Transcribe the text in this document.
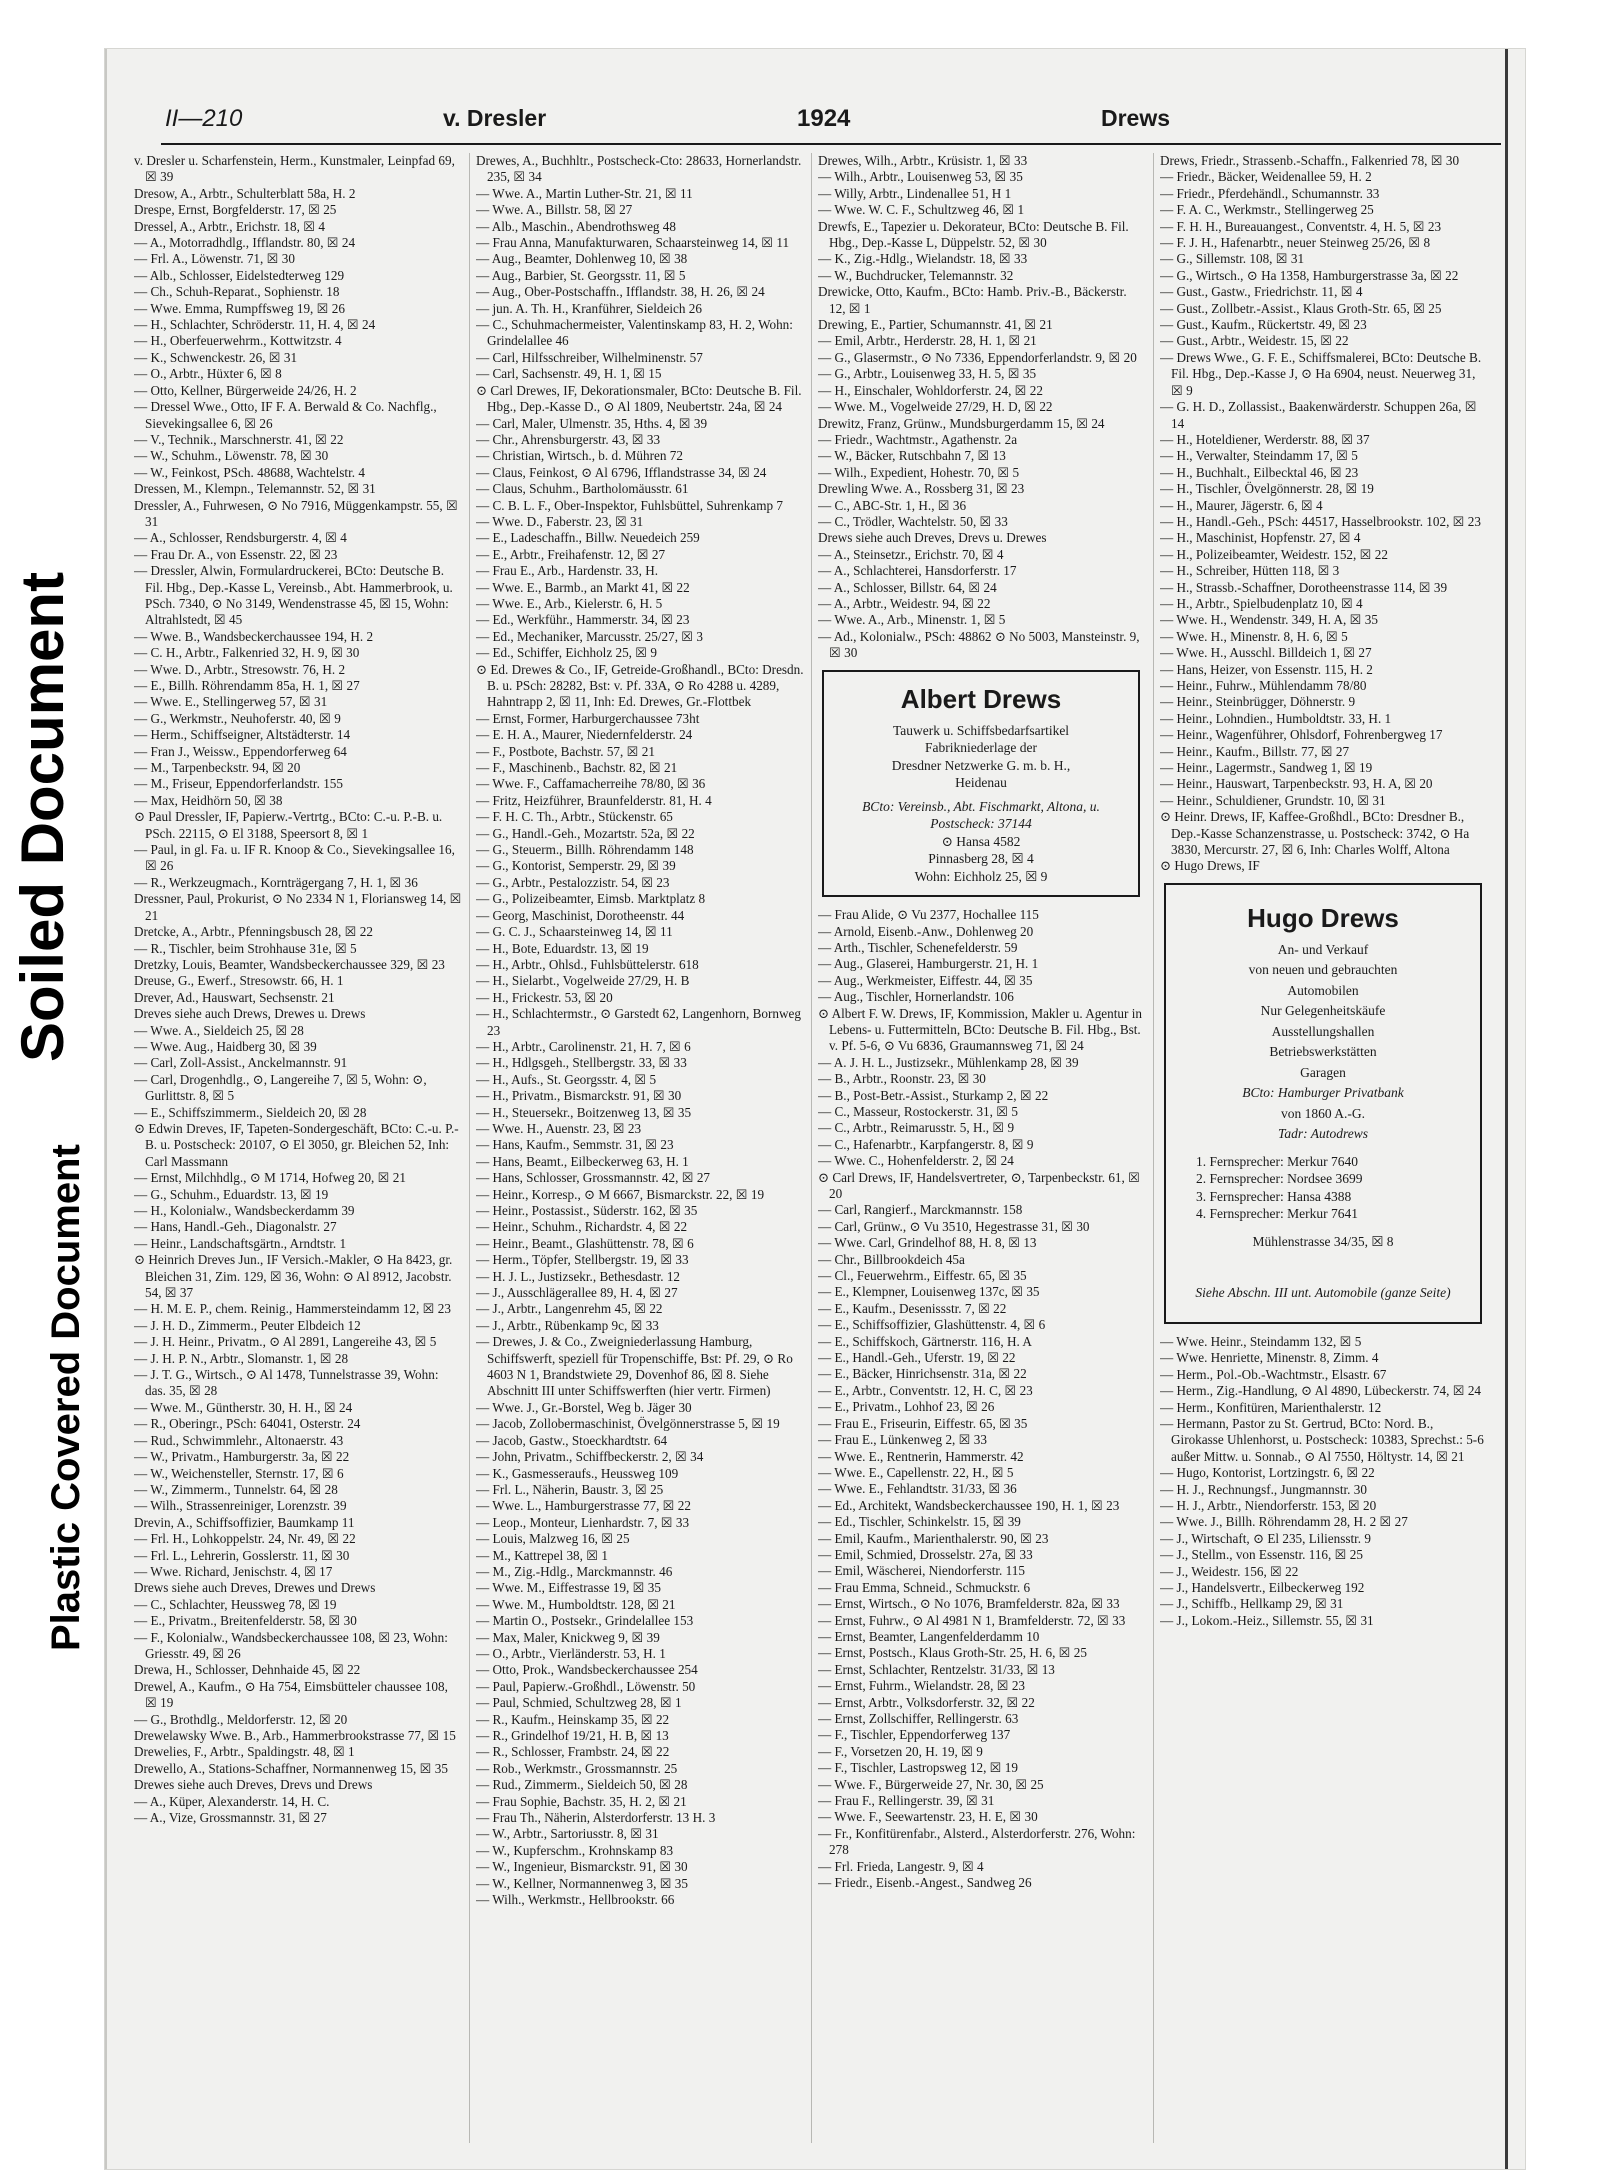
Soiled Document
Plastic Covered Document
II—210	v. Dresler	1924	Drews

v. Dresler u. Scharfenstein, Herm., Kunstmaler, Leinpfad 69, ☒ 39

Dresow, A., Arbtr., Schulterblatt 58a, H. 2

Drespe, Ernst, Borgfelderstr. 17, ☒ 25

Dressel, A., Arbtr., Erichstr. 18, ☒ 4

— A., Motorradhdlg., Ifflandstr. 80, ☒ 24

— Frl. A., Löwenstr. 71, ☒ 30

— Alb., Schlosser, Eidelstedterweg 129

— Ch., Schuh-Reparat., Sophienstr. 18

— Wwe. Emma, Rumpffsweg 19, ☒ 26

— H., Schlachter, Schröderstr. 11, H. 4, ☒ 24

— H., Oberfeuerwehrm., Kottwitzstr. 4

— K., Schwenckestr. 26, ☒ 31

— O., Arbtr., Hüxter 6, ☒ 8

— Otto, Kellner, Bürgerweide 24/26, H. 2

— Dressel Wwe., Otto, IF F. A. Berwald & Co. Nachflg., Sievekingsallee 6, ☒ 26

— V., Technik., Marschnerstr. 41, ☒ 22

— W., Schuhm., Löwenstr. 78, ☒ 30

— W., Feinkost, PSch. 48688, Wachtelstr. 4

Dressen, M., Klempn., Telemannstr. 52, ☒ 31

Dressler, A., Fuhrwesen, ⊙ No 7916, Müggenkampstr. 55, ☒ 31

— A., Schlosser, Rendsburgerstr. 4, ☒ 4

— Frau Dr. A., von Essenstr. 22, ☒ 23

— Dressler, Alwin, Formulardruckerei, BCto: Deutsche B. Fil. Hbg., Dep.-Kasse L, Vereinsb., Abt. Hammerbrook, u. PSch. 7340, ⊙ No 3149, Wendenstrasse 45, ☒ 15, Wohn: Altrahlstedt, ☒ 45

— Wwe. B., Wandsbeckerchaussee 194, H. 2

— C. H., Arbtr., Falkenried 32, H. 9, ☒ 30

— Wwe. D., Arbtr., Stresowstr. 76, H. 2

— E., Billh. Röhrendamm 85a, H. 1, ☒ 27

— Wwe. E., Stellingerweg 57, ☒ 31

— G., Werkmstr., Neuhoferstr. 40, ☒ 9

— Herm., Schiffseigner, Altstädterstr. 14

— Fran J., Weissw., Eppendorferweg 64

— M., Tarpenbeckstr. 94, ☒ 20

— M., Friseur, Eppendorferlandstr. 155

— Max, Heidhörn 50, ☒ 38

⊙ Paul Dressler, IF, Papierw.-Vertrtg., BCto: C.-u. P.-B. u. PSch. 22115, ⊙ El 3188, Speersort 8, ☒ 1

— Paul, in gl. Fa. u. IF R. Knoop & Co., Sievekingsallee 16, ☒ 26

— R., Werkzeugmach., Kornträgergang 7, H. 1, ☒ 36

Dressner, Paul, Prokurist, ⊙ No 2334 N 1, Floriansweg 14, ☒ 21

Dretcke, A., Arbtr., Pfenningsbusch 28, ☒ 22

— R., Tischler, beim Strohhause 31e, ☒ 5

Dretzky, Louis, Beamter, Wandsbeckerchaussee 329, ☒ 23

Dreuse, G., Ewerf., Stresowstr. 66, H. 1

Drever, Ad., Hauswart, Sechsenstr. 21

Dreves siehe auch Drews, Drewes u. Drews

— Wwe. A., Sieldeich 25, ☒ 28

— Wwe. Aug., Haidberg 30, ☒ 39

— Carl, Zoll-Assist., Anckelmannstr. 91

— Carl, Drogenhdlg., ⊙, Langereihe 7, ☒ 5, Wohn: ⊙, Gurlittstr. 8, ☒ 5

— E., Schiffszimmerm., Sieldeich 20, ☒ 28

⊙ Edwin Dreves, IF, Tapeten-Sondergeschäft, BCto: C.-u. P.-B. u. Postscheck: 20107, ⊙ El 3050, gr. Bleichen 52, Inh: Carl Massmann

— Ernst, Milchhdlg., ⊙ M 1714, Hofweg 20, ☒ 21

— G., Schuhm., Eduardstr. 13, ☒ 19

— H., Kolonialw., Wandsbeckerdamm 39

— Hans, Handl.-Geh., Diagonalstr. 27

— Heinr., Landschaftsgärtn., Arndtstr. 1

⊙ Heinrich Dreves Jun., IF Versich.-Makler, ⊙ Ha 8423, gr. Bleichen 31, Zim. 129, ☒ 36, Wohn: ⊙ Al 8912, Jacobstr. 54, ☒ 37

— H. M. E. P., chem. Reinig., Hammersteindamm 12, ☒ 23

— J. H. D., Zimmerm., Peuter Elbdeich 12

— J. H. Heinr., Privatm., ⊙ Al 2891, Langereihe 43, ☒ 5

— J. H. P. N., Arbtr., Slomanstr. 1, ☒ 28

— J. T. G., Wirtsch., ⊙ Al 1478, Tunnelstrasse 39, Wohn: das. 35, ☒ 28

— Wwe. M., Güntherstr. 30, H. H., ☒ 24

— R., Oberingr., PSch: 64041, Osterstr. 24

— Rud., Schwimmlehr., Altonaerstr. 43

— W., Privatm., Hamburgerstr. 3a, ☒ 22

— W., Weichensteller, Sternstr. 17, ☒ 6

— W., Zimmerm., Tunnelstr. 64, ☒ 28

— Wilh., Strassenreiniger, Lorenzstr. 39

Drevin, A., Schiffsoffizier, Baumkamp 11

— Frl. H., Lohkoppelstr. 24, Nr. 49, ☒ 22

— Frl. L., Lehrerin, Gosslerstr. 11, ☒ 30

— Wwe. Richard, Jenischstr. 4, ☒ 17

Drews siehe auch Dreves, Drewes und Drews

— C., Schlachter, Heussweg 78, ☒ 19

— E., Privatm., Breitenfelderstr. 58, ☒ 30

— F., Kolonialw., Wandsbeckerchaussee 108, ☒ 23, Wohn: Griesstr. 49, ☒ 26

Drewa, H., Schlosser, Dehnhaide 45, ☒ 22

Drewel, A., Kaufm., ⊙ Ha 754, Eimsbütteler chaussee 108, ☒ 19

— G., Brothdlg., Meldorferstr. 12, ☒ 20

Drewelawsky Wwe. B., Arb., Hammerbrookstrasse 77, ☒ 15

Drewelies, F., Arbtr., Spaldingstr. 48, ☒ 1

Drewello, A., Stations-Schaffner, Normannenweg 15, ☒ 35

Drewes siehe auch Dreves, Drevs und Drews

— A., Küper, Alexanderstr. 14, H. C.

— A., Vize, Grossmannstr. 31, ☒ 27

Drewes, A., Buchhltr., Postscheck-Cto: 28633, Hornerlandstr. 235, ☒ 34

— Wwe. A., Martin Luther-Str. 21, ☒ 11

— Wwe. A., Billstr. 58, ☒ 27

— Alb., Maschin., Abendrothsweg 48

— Frau Anna, Manufakturwaren, Schaarsteinweg 14, ☒ 11

— Aug., Beamter, Dohlenweg 10, ☒ 38

— Aug., Barbier, St. Georgsstr. 11, ☒ 5

— Aug., Ober-Postschaffn., Ifflandstr. 38, H. 26, ☒ 24

— jun. A. Th. H., Kranführer, Sieldeich 26

— C., Schuhmachermeister, Valentinskamp 83, H. 2, Wohn: Grindelallee 46

— Carl, Hilfsschreiber, Wilhelminenstr. 57

— Carl, Sachsenstr. 49, H. 1, ☒ 15

⊙ Carl Drewes, IF, Dekorationsmaler, BCto: Deutsche B. Fil. Hbg., Dep.-Kasse D., ⊙ Al 1809, Neubertstr. 24a, ☒ 24

— Carl, Maler, Ulmenstr. 35, Hths. 4, ☒ 39

— Chr., Ahrensburgerstr. 43, ☒ 33

— Christian, Wirtsch., b. d. Mühren 72

— Claus, Feinkost, ⊙ Al 6796, Ifflandstrasse 34, ☒ 24

— Claus, Schuhm., Bartholomäusstr. 61

— C. B. L. F., Ober-Inspektor, Fuhlsbüttel, Suhrenkamp 7

— Wwe. D., Faberstr. 23, ☒ 31

— E., Ladeschaffn., Billw. Neuedeich 259

— E., Arbtr., Freihafenstr. 12, ☒ 27

— Frau E., Arb., Hardenstr. 33, H.

— Wwe. E., Barmb., an Markt 41, ☒ 22

— Wwe. E., Arb., Kielerstr. 6, H. 5

— Ed., Werkführ., Hammerstr. 34, ☒ 23

— Ed., Mechaniker, Marcusstr. 25/27, ☒ 3

— Ed., Schiffer, Eichholz 25, ☒ 9

⊙ Ed. Drewes & Co., IF, Getreide-Großhandl., BCto: Dresdn. B. u. PSch: 28282, Bst: v. Pf. 33A, ⊙ Ro 4288 u. 4289, Hahntrapp 2, ☒ 11, Inh: Ed. Drewes, Gr.-Flottbek

— Ernst, Former, Harburgerchaussee 73ht

— E. H. A., Maurer, Niedernfelderstr. 24

— F., Postbote, Bachstr. 57, ☒ 21

— F., Maschinenb., Bachstr. 82, ☒ 21

— Wwe. F., Caffamacherreihe 78/80, ☒ 36

— Fritz, Heizführer, Braunfelderstr. 81, H. 4

— F. H. C. Th., Arbtr., Stückenstr. 65

— G., Handl.-Geh., Mozartstr. 52a, ☒ 22

— G., Steuerm., Billh. Röhrendamm 148

— G., Kontorist, Semperstr. 29, ☒ 39

— G., Arbtr., Pestalozzistr. 54, ☒ 23

— G., Polizeibeamter, Eimsb. Marktplatz 8

— Georg, Maschinist, Dorotheenstr. 44

— G. C. J., Schaarsteinweg 14, ☒ 11

— H., Bote, Eduardstr. 13, ☒ 19

— H., Arbtr., Ohlsd., Fuhlsbüttelerstr. 618

— H., Sielarbt., Vogelweide 27/29, H. B

— H., Frickestr. 53, ☒ 20

— H., Schlachtermstr., ⊙ Garstedt 62, Langenhorn, Bornweg 23

— H., Arbtr., Carolinenstr. 21, H. 7, ☒ 6

— H., Hdlgsgeh., Stellbergstr. 33, ☒ 33

— H., Aufs., St. Georgsstr. 4, ☒ 5

— H., Privatm., Bismarckstr. 91, ☒ 30

— H., Steuersekr., Boitzenweg 13, ☒ 35

— Wwe. H., Auenstr. 23, ☒ 23

— Hans, Kaufm., Semmstr. 31, ☒ 23

— Hans, Beamt., Eilbeckerweg 63, H. 1

— Hans, Schlosser, Grossmannstr. 42, ☒ 27

— Heinr., Korresp., ⊙ M 6667, Bismarckstr. 22, ☒ 19

— Heinr., Postassist., Süderstr. 162, ☒ 35

— Heinr., Schuhm., Richardstr. 4, ☒ 22

— Heinr., Beamt., Glashüttenstr. 78, ☒ 6

— Herm., Töpfer, Stellbergstr. 19, ☒ 33

— H. J. L., Justizsekr., Bethesdastr. 12

— J., Ausschlägerallee 89, H. 4, ☒ 27

— J., Arbtr., Langenrehm 45, ☒ 22

— J., Arbtr., Rübenkamp 9c, ☒ 33

— Drewes, J. & Co., Zweigniederlassung Hamburg, Schiffswerft, speziell für Tropenschiffe, Bst: Pf. 29, ⊙ Ro 4603 N 1, Brandstwiete 29, Dovenhof 86, ☒ 8. Siehe Abschnitt III unter Schiffswerften (hier vertr. Firmen)

— Wwe. J., Gr.-Borstel, Weg b. Jäger 30

— Jacob, Zollobermaschinist, Övelgönnerstrasse 5, ☒ 19

— Jacob, Gastw., Stoeckhardtstr. 64

— John, Privatm., Schiffbeckerstr. 2, ☒ 34

— K., Gasmesseraufs., Heussweg 109

— Frl. L., Näherin, Baustr. 3, ☒ 25

— Wwe. L., Hamburgerstrasse 77, ☒ 22

— Leop., Monteur, Lienhardstr. 7, ☒ 33

— Louis, Malzweg 16, ☒ 25

— M., Kattrepel 38, ☒ 1

— M., Zig.-Hdlg., Marckmannstr. 46

— Wwe. M., Eiffestrasse 19, ☒ 35

— Wwe. M., Humboldtstr. 128, ☒ 21

— Martin O., Postsekr., Grindelallee 153

— Max, Maler, Knickweg 9, ☒ 39

— O., Arbtr., Vierländerstr. 53, H. 1

— Otto, Prok., Wandsbeckerchaussee 254

— Paul, Papierw.-Großhdl., Löwenstr. 50

— Paul, Schmied, Schultzweg 28, ☒ 1

— R., Kaufm., Heinskamp 35, ☒ 22

— R., Grindelhof 19/21, H. B, ☒ 13

— R., Schlosser, Frambstr. 24, ☒ 22

— Rob., Werkmstr., Grossmannstr. 25

— Rud., Zimmerm., Sieldeich 50, ☒ 28

— Frau Sophie, Bachstr. 35, H. 2, ☒ 21

— Frau Th., Näherin, Alsterdorferstr. 13 H. 3

— W., Arbtr., Sartoriusstr. 8, ☒ 31

— W., Kupferschm., Krohnskamp 83

— W., Ingenieur, Bismarckstr. 91, ☒ 30

— W., Kellner, Normannenweg 3, ☒ 35

— Wilh., Werkmstr., Hellbrookstr. 66

Drewes, Wilh., Arbtr., Krüsistr. 1, ☒ 33

— Wilh., Arbtr., Louisenweg 53, ☒ 35

— Willy, Arbtr., Lindenallee 51, H 1

— Wwe. W. C. F., Schultzweg 46, ☒ 1

Drewfs, E., Tapezier u. Dekorateur, BCto: Deutsche B. Fil. Hbg., Dep.-Kasse L, Düppelstr. 52, ☒ 30

— K., Zig.-Hdlg., Wielandstr. 18, ☒ 33

— W., Buchdrucker, Telemannstr. 32

Drewicke, Otto, Kaufm., BCto: Hamb. Priv.-B., Bäckerstr. 12, ☒ 1

Drewing, E., Partier, Schumannstr. 41, ☒ 21

— Emil, Arbtr., Herderstr. 28, H. 1, ☒ 21

— G., Glasermstr., ⊙ No 7336, Eppendorferlandstr. 9, ☒ 20

— G., Arbtr., Louisenweg 33, H. 5, ☒ 35

— H., Einschaler, Wohldorferstr. 24, ☒ 22

— Wwe. M., Vogelweide 27/29, H. D, ☒ 22

Drewitz, Franz, Grünw., Mundsburgerdamm 15, ☒ 24

— Friedr., Wachtmstr., Agathenstr. 2a

— W., Bäcker, Rutschbahn 7, ☒ 13

— Wilh., Expedient, Hohestr. 70, ☒ 5

Drewling Wwe. A., Rossberg 31, ☒ 23

— C., ABC-Str. 1, H., ☒ 36

— C., Trödler, Wachtelstr. 50, ☒ 33

Drews siehe auch Dreves, Drevs u. Drewes

— A., Steinsetzr., Erichstr. 70, ☒ 4

— A., Schlachterei, Hansdorferstr. 17

— A., Schlosser, Billstr. 64, ☒ 24

— A., Arbtr., Weidestr. 94, ☒ 22

— Wwe. A., Arb., Minenstr. 1, ☒ 5

— Ad., Kolonialw., PSch: 48862 ⊙ No 5003, Mansteinstr. 9, ☒ 30

Albert Drews
Tauwerk u. Schiffsbedarfsartikel
Fabrikniederlage der
Dresdner Netzwerke G. m. b. H.,
Heidenau
BCto: Vereinsb., Abt. Fischmarkt, Altona, u. Postscheck: 37144
⊙ Hansa 4582
Pinnasberg 28, ☒ 4
Wohn: Eichholz 25, ☒ 9

— Frau Alide, ⊙ Vu 2377, Hochallee 115

— Arnold, Eisenb.-Anw., Dohlenweg 20

— Arth., Tischler, Schenefelderstr. 59

— Aug., Glaserei, Hamburgerstr. 21, H. 1

— Aug., Werkmeister, Eiffestr. 44, ☒ 35

— Aug., Tischler, Hornerlandstr. 106

⊙ Albert F. W. Drews, IF, Kommission, Makler u. Agentur in Lebens- u. Futtermitteln, BCto: Deutsche B. Fil. Hbg., Bst. v. Pf. 5-6, ⊙ Vu 6836, Graumannsweg 71, ☒ 24

— A. J. H. L., Justizsekr., Mühlenkamp 28, ☒ 39

— B., Arbtr., Roonstr. 23, ☒ 30

— B., Post-Betr.-Assist., Sturkamp 2, ☒ 22

— C., Masseur, Rostockerstr. 31, ☒ 5

— C., Arbtr., Reimarusstr. 5, H., ☒ 9

— C., Hafenarbtr., Karpfangerstr. 8, ☒ 9

— Wwe. C., Hohenfelderstr. 2, ☒ 24

⊙ Carl Drews, IF, Handelsvertreter, ⊙, Tarpenbeckstr. 61, ☒ 20

— Carl, Rangierf., Marckmannstr. 158

— Carl, Grünw., ⊙ Vu 3510, Hegestrasse 31, ☒ 30

— Wwe. Carl, Grindelhof 88, H. 8, ☒ 13

— Chr., Billbrookdeich 45a

— Cl., Feuerwehrm., Eiffestr. 65, ☒ 35

— E., Klempner, Louisenweg 137c, ☒ 35

— E., Kaufm., Desenissstr. 7, ☒ 22

— E., Schiffsoffizier, Glashüttenstr. 4, ☒ 6

— E., Schiffskoch, Gärtnerstr. 116, H. A

— E., Handl.-Geh., Uferstr. 19, ☒ 22

— E., Bäcker, Hinrichsenstr. 31a, ☒ 22

— E., Arbtr., Conventstr. 12, H. C, ☒ 23

— E., Privatm., Lohhof 23, ☒ 26

— Frau E., Friseurin, Eiffestr. 65, ☒ 35

— Frau E., Lünkenweg 2, ☒ 33

— Wwe. E., Rentnerin, Hammerstr. 42

— Wwe. E., Capellenstr. 22, H., ☒ 5

— Wwe. E., Fehlandtstr. 31/33, ☒ 36

— Ed., Architekt, Wandsbeckerchaussee 190, H. 1, ☒ 23

— Ed., Tischler, Schinkelstr. 15, ☒ 39

— Emil, Kaufm., Marienthalerstr. 90, ☒ 23

— Emil, Schmied, Drosselstr. 27a, ☒ 33

— Emil, Wäscherei, Niendorferstr. 115

— Frau Emma, Schneid., Schmuckstr. 6

— Ernst, Wirtsch., ⊙ No 1076, Bramfelderstr. 82a, ☒ 33

— Ernst, Fuhrw., ⊙ Al 4981 N 1, Bramfelderstr. 72, ☒ 33

— Ernst, Beamter, Langenfelderdamm 10

— Ernst, Postsch., Klaus Groth-Str. 25, H. 6, ☒ 25

— Ernst, Schlachter, Rentzelstr. 31/33, ☒ 13

— Ernst, Fuhrm., Wielandstr. 28, ☒ 23

— Ernst, Arbtr., Volksdorferstr. 32, ☒ 22

— Ernst, Zollschiffer, Rellingerstr. 63

— F., Tischler, Eppendorferweg 137

— F., Vorsetzen 20, H. 19, ☒ 9

— F., Tischler, Lastropsweg 12, ☒ 19

— Wwe. F., Bürgerweide 27, Nr. 30, ☒ 25

— Frau F., Rellingerstr. 39, ☒ 31

— Wwe. F., Seewartenstr. 23, H. E, ☒ 30

— Fr., Konfitürenfabr., Alsterd., Alsterdorferstr. 276, Wohn: 278

— Frl. Frieda, Langestr. 9, ☒ 4

— Friedr., Eisenb.-Angest., Sandweg 26

Drews, Friedr., Strassenb.-Schaffn., Falkenried 78, ☒ 30

— Friedr., Bäcker, Weidenallee 59, H. 2

— Friedr., Pferdehändl., Schumannstr. 33

— F. A. C., Werkmstr., Stellingerweg 25

— F. H. H., Bureauangest., Conventstr. 4, H. 5, ☒ 23

— F. J. H., Hafenarbtr., neuer Steinweg 25/26, ☒ 8

— G., Sillemstr. 108, ☒ 31

— G., Wirtsch., ⊙ Ha 1358, Hamburgerstrasse 3a, ☒ 22

— Gust., Gastw., Friedrichstr. 11, ☒ 4

— Gust., Zollbetr.-Assist., Klaus Groth-Str. 65, ☒ 25

— Gust., Kaufm., Rückertstr. 49, ☒ 23

— Gust., Arbtr., Weidestr. 15, ☒ 22

— Drews Wwe., G. F. E., Schiffsmalerei, BCto: Deutsche B. Fil. Hbg., Dep.-Kasse J, ⊙ Ha 6904, neust. Neuerweg 31, ☒ 9

— G. H. D., Zollassist., Baakenwärderstr. Schuppen 26a, ☒ 14

— H., Hoteldiener, Werderstr. 88, ☒ 37

— H., Verwalter, Steindamm 17, ☒ 5

— H., Buchhalt., Eilbecktal 46, ☒ 23

— H., Tischler, Övelgönnerstr. 28, ☒ 19

— H., Maurer, Jägerstr. 6, ☒ 4

— H., Handl.-Geh., PSch: 44517, Hasselbrookstr. 102, ☒ 23

— H., Maschinist, Hopfenstr. 27, ☒ 4

— H., Polizeibeamter, Weidestr. 152, ☒ 22

— H., Schreiber, Hütten 118, ☒ 3

— H., Strassb.-Schaffner, Dorotheenstrasse 114, ☒ 39

— H., Arbtr., Spielbudenplatz 10, ☒ 4

— Wwe. H., Wendenstr. 349, H. A, ☒ 35

— Wwe. H., Minenstr. 8, H. 6, ☒ 5

— Wwe. H., Ausschl. Billdeich 1, ☒ 27

— Hans, Heizer, von Essenstr. 115, H. 2

— Heinr., Fuhrw., Mühlendamm 78/80

— Heinr., Steinbrügger, Döhnerstr. 9

— Heinr., Lohndien., Humboldtstr. 33, H. 1

— Heinr., Wagenführer, Ohlsdorf, Fohrenbergweg 17

— Heinr., Kaufm., Billstr. 77, ☒ 27

— Heinr., Lagermstr., Sandweg 1, ☒ 19

— Heinr., Hauswart, Tarpenbeckstr. 93, H. A, ☒ 20

— Heinr., Schuldiener, Grundstr. 10, ☒ 31

⊙ Heinr. Drews, IF, Kaffee-Großhdl., BCto: Dresdner B., Dep.-Kasse Schanzenstrasse, u. Postscheck: 3742, ⊙ Ha 3830, Mercurstr. 27, ☒ 6, Inh: Charles Wolff, Altona

⊙ Hugo Drews, IF

Hugo Drews
An- und Verkauf
von neuen und gebrauchten
Automobilen
Nur Gelegenheitskäufe
Ausstellungshallen
Betriebswerkstätten
Garagen
BCto: Hamburger Privatbank
von 1860 A.-G.
Tadr: Autodrews
1. Fernsprecher: Merkur 7640
2. Fernsprecher: Nordsee 3699
3. Fernsprecher: Hansa 4388
4. Fernsprecher: Merkur 7641
Mühlenstrasse 34/35, ☒ 8
Siehe Abschn. III unt. Automobile (ganze Seite)

— Wwe. Heinr., Steindamm 132, ☒ 5

— Wwe. Henriette, Minenstr. 8, Zimm. 4

— Herm., Pol.-Ob.-Wachtmstr., Elsastr. 67

— Herm., Zig.-Handlung, ⊙ Al 4890, Lübeckerstr. 74, ☒ 24

— Herm., Konfitüren, Marienthalerstr. 12

— Hermann, Pastor zu St. Gertrud, BCto: Nord. B., Girokasse Uhlenhorst, u. Postscheck: 10383, Sprechst.: 5-6 außer Mittw. u. Sonnab., ⊙ Al 7550, Höltystr. 14, ☒ 21

— Hugo, Kontorist, Lortzingstr. 6, ☒ 22

— H. J., Rechnungsf., Jungmannstr. 30

— H. J., Arbtr., Niendorferstr. 153, ☒ 20

— Wwe. J., Billh. Röhrendamm 28, H. 2 ☒ 27

— J., Wirtschaft, ⊙ El 235, Liliensstr. 9

— J., Stellm., von Essenstr. 116, ☒ 25

— J., Weidestr. 156, ☒ 22

— J., Handelsvertr., Eilbeckerweg 192

— J., Schiffb., Hellkamp 29, ☒ 31

— J., Lokom.-Heiz., Sillemstr. 55, ☒ 31
